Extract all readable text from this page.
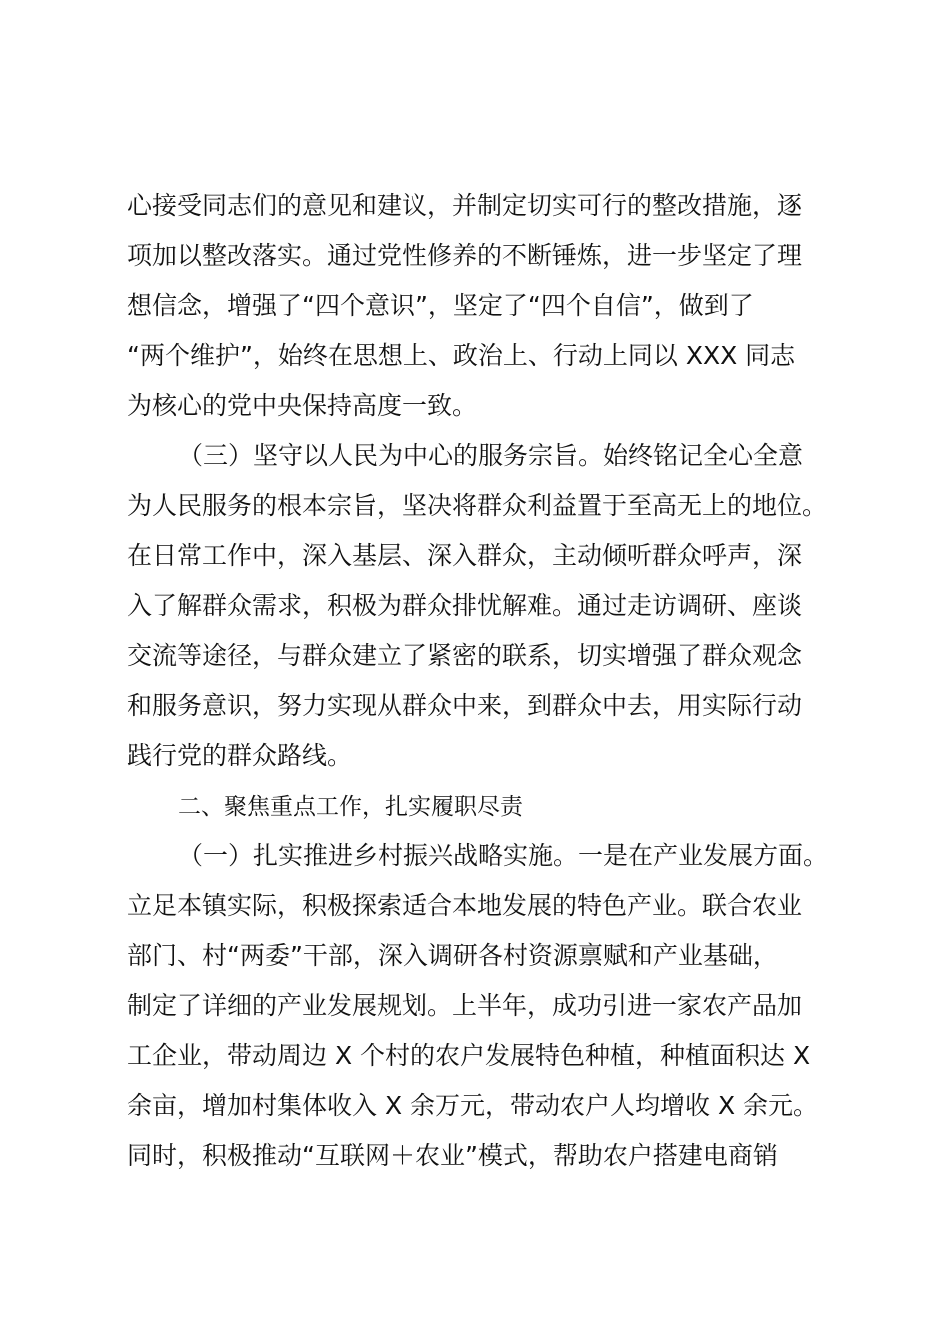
心接受同志们的意见和建议，并制定切实可行的整改措施，逐
项加以整改落实。通过党性修养的不断锤炼，进一步坚定了理
想信念，增强了“四个意识”，坚定了“四个自信”，做到了
“两个维护”，始终在思想上、政治上、行动上同以 XXX 同志
为核心的党中央保持高度一致。
（三）坚守以人民为中心的服务宗旨。始终铭记全心全意
为人民服务的根本宗旨，坚决将群众利益置于至高无上的地位。
在日常工作中，深入基层、深入群众，主动倾听群众呼声，深
入了解群众需求，积极为群众排忧解难。通过走访调研、座谈
交流等途径，与群众建立了紧密的联系，切实增强了群众观念
和服务意识，努力实现从群众中来，到群众中去，用实际行动
践行党的群众路线。
二、聚焦重点工作，扎实履职尽责
（一）扎实推进乡村振兴战略实施。一是在产业发展方面。
立足本镇实际，积极探索适合本地发展的特色产业。联合农业
部门、村“两委”干部，深入调研各村资源禀赋和产业基础，
制定了详细的产业发展规划。上半年，成功引进一家农产品加
工企业，带动周边 X 个村的农户发展特色种植，种植面积达 X
余亩，增加村集体收入 X 余万元，带动农户人均增收 X 余元。
同时，积极推动“互联网＋农业”模式，帮助农户搭建电商销
